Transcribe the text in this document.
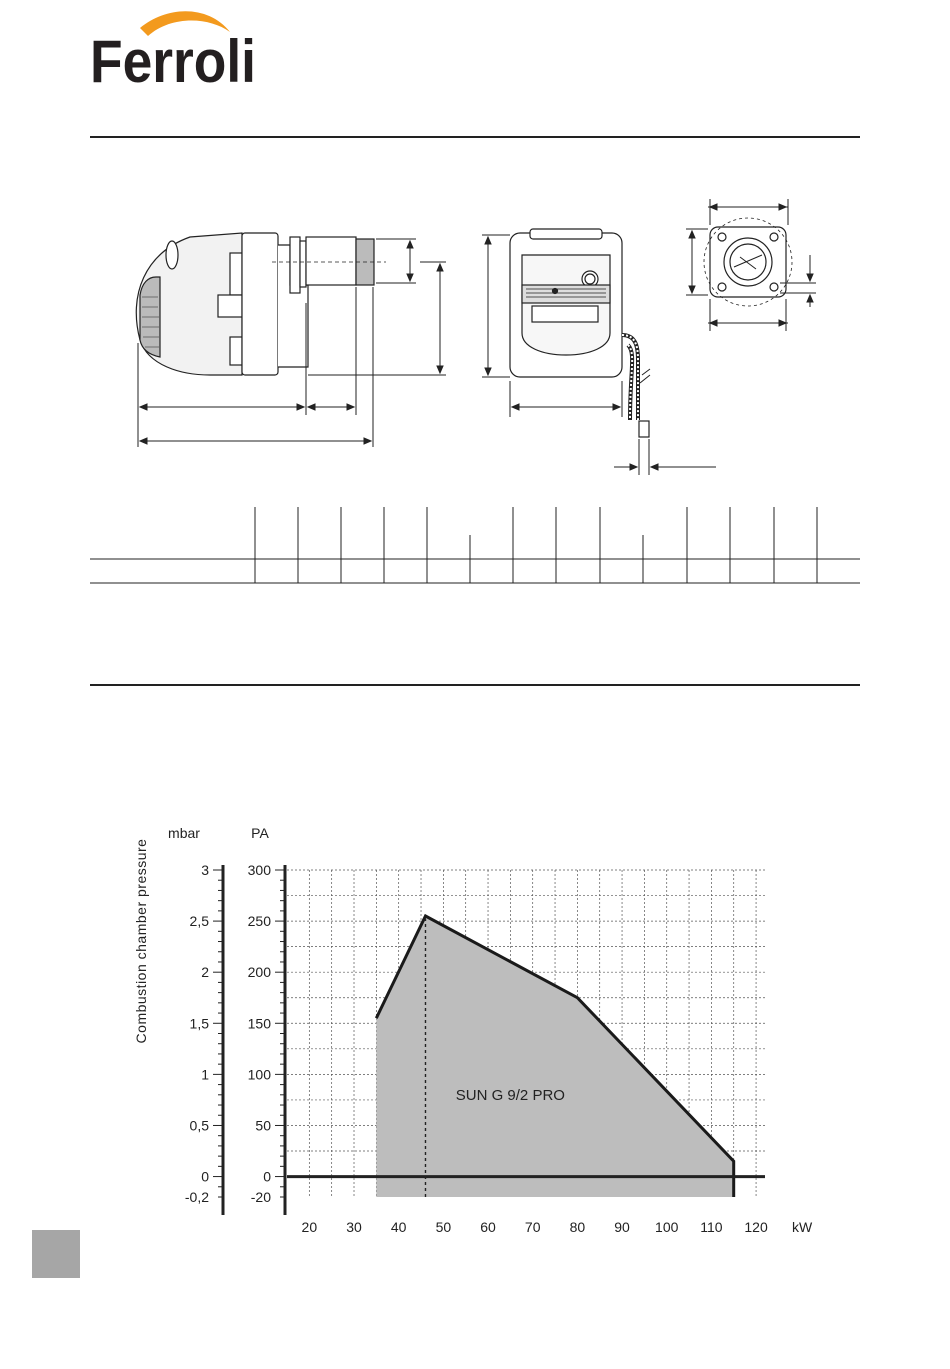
Ferroli
SUN G 9/2 PRO
300
250
200
150
100
50
0
-20
3
2,5
2
1,5
1
0,5
0
-0,2
20 30 40 50 60 70 80 90 100 110 120 kW
mbar	PA
Combustion chamber pressure
